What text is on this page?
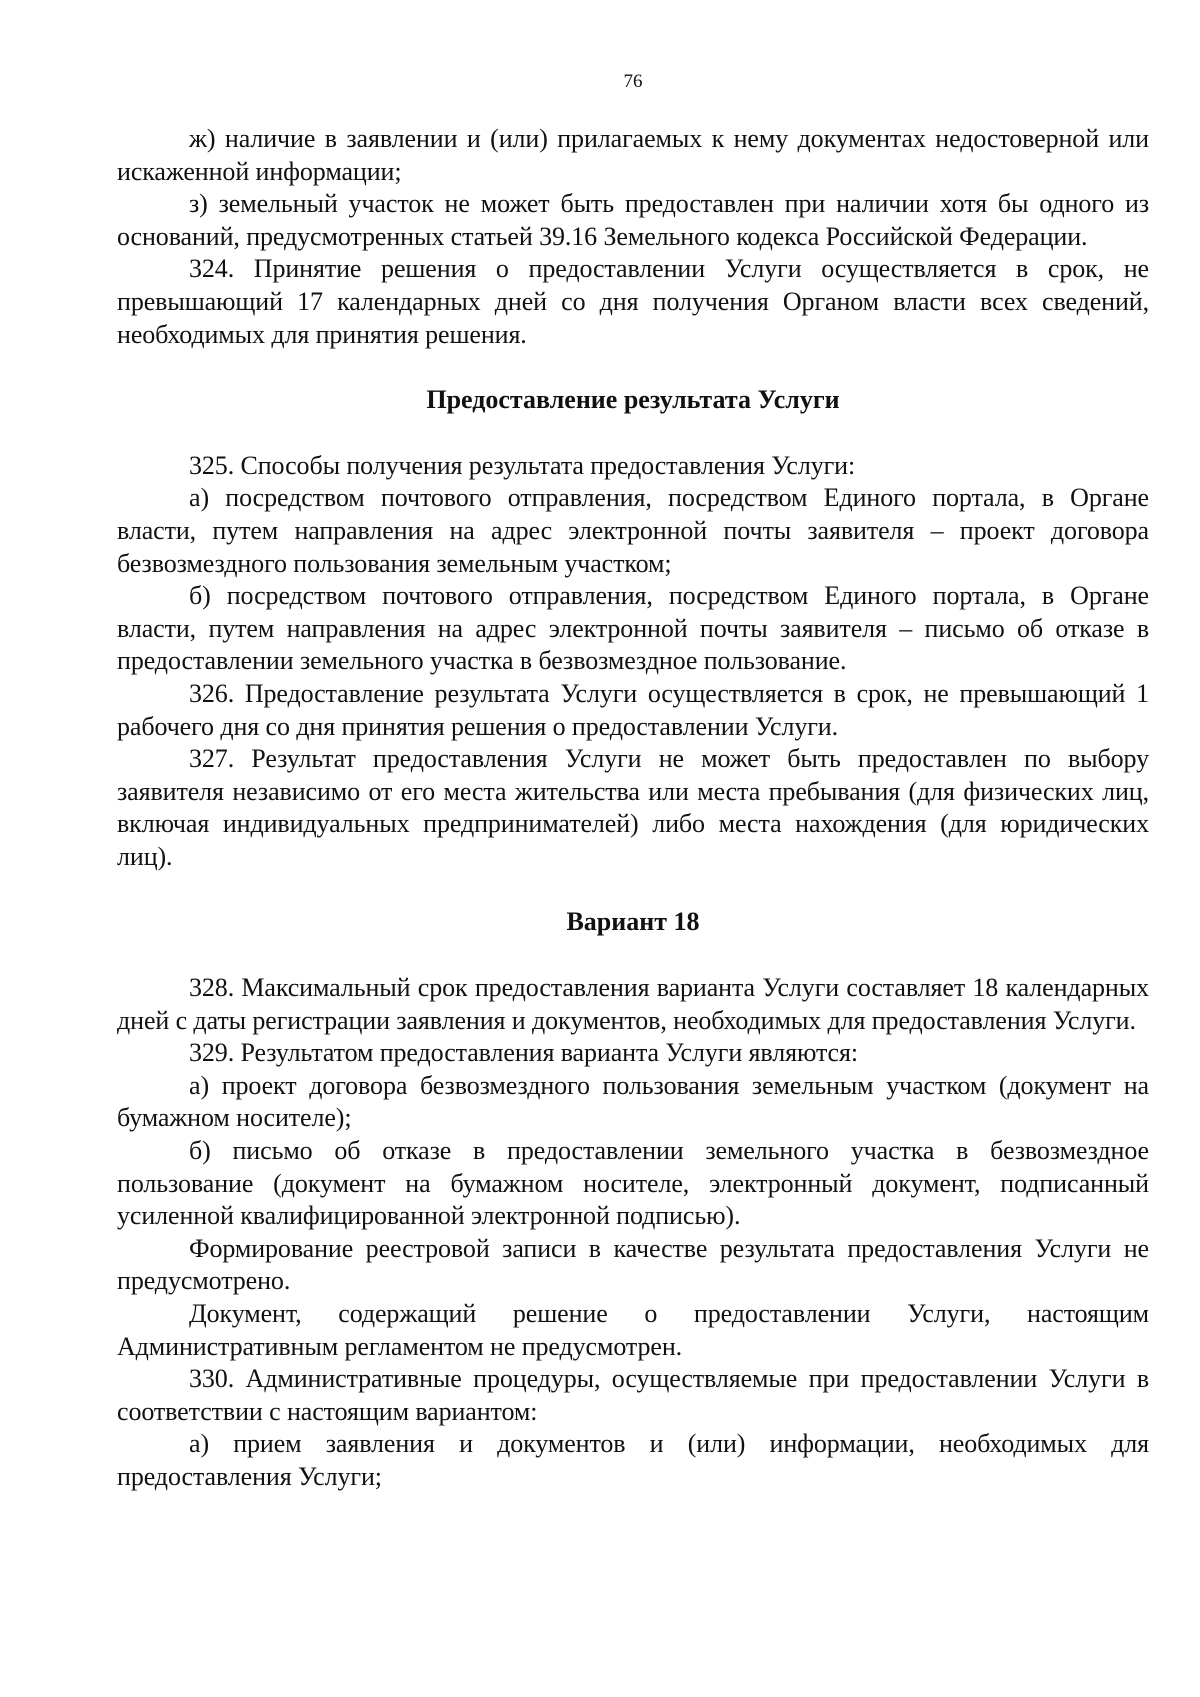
76

ж) наличие в заявлении и (или) прилагаемых к нему документах недостоверной или искаженной информации;

з) земельный участок не может быть предоставлен при наличии хотя бы одного из оснований, предусмотренных статьей 39.16 Земельного кодекса Российской Федерации.

324. Принятие решения о предоставлении Услуги осуществляется в срок, не превышающий 17 календарных дней со дня получения Органом власти всех сведений, необходимых для принятия решения.

Предоставление результата Услуги

325. Способы получения результата предоставления Услуги:

а) посредством почтового отправления, посредством Единого портала, в Органе власти, путем направления на адрес электронной почты заявителя – проект договора безвозмездного пользования земельным участком;

б) посредством почтового отправления, посредством Единого портала, в Органе власти, путем направления на адрес электронной почты заявителя – письмо об отказе в предоставлении земельного участка в безвозмездное пользование.

326. Предоставление результата Услуги осуществляется в срок, не превышающий 1 рабочего дня со дня принятия решения о предоставлении Услуги.

327. Результат предоставления Услуги не может быть предоставлен по выбору заявителя независимо от его места жительства или места пребывания (для физических лиц, включая индивидуальных предпринимателей) либо места нахождения (для юридических лиц).

Вариант 18

328. Максимальный срок предоставления варианта Услуги составляет 18 календарных дней с даты регистрации заявления и документов, необходимых для предоставления Услуги.

329. Результатом предоставления варианта Услуги являются:

а) проект договора безвозмездного пользования земельным участком (документ на бумажном носителе);

б) письмо об отказе в предоставлении земельного участка в безвозмездное пользование (документ на бумажном носителе, электронный документ, подписанный усиленной квалифицированной электронной подписью).

Формирование реестровой записи в качестве результата предоставления Услуги не предусмотрено.

Документ, содержащий решение о предоставлении Услуги, настоящим Административным регламентом не предусмотрен.

330. Административные процедуры, осуществляемые при предоставлении Услуги в соответствии с настоящим вариантом:

а) прием заявления и документов и (или) информации, необходимых для предоставления Услуги;
